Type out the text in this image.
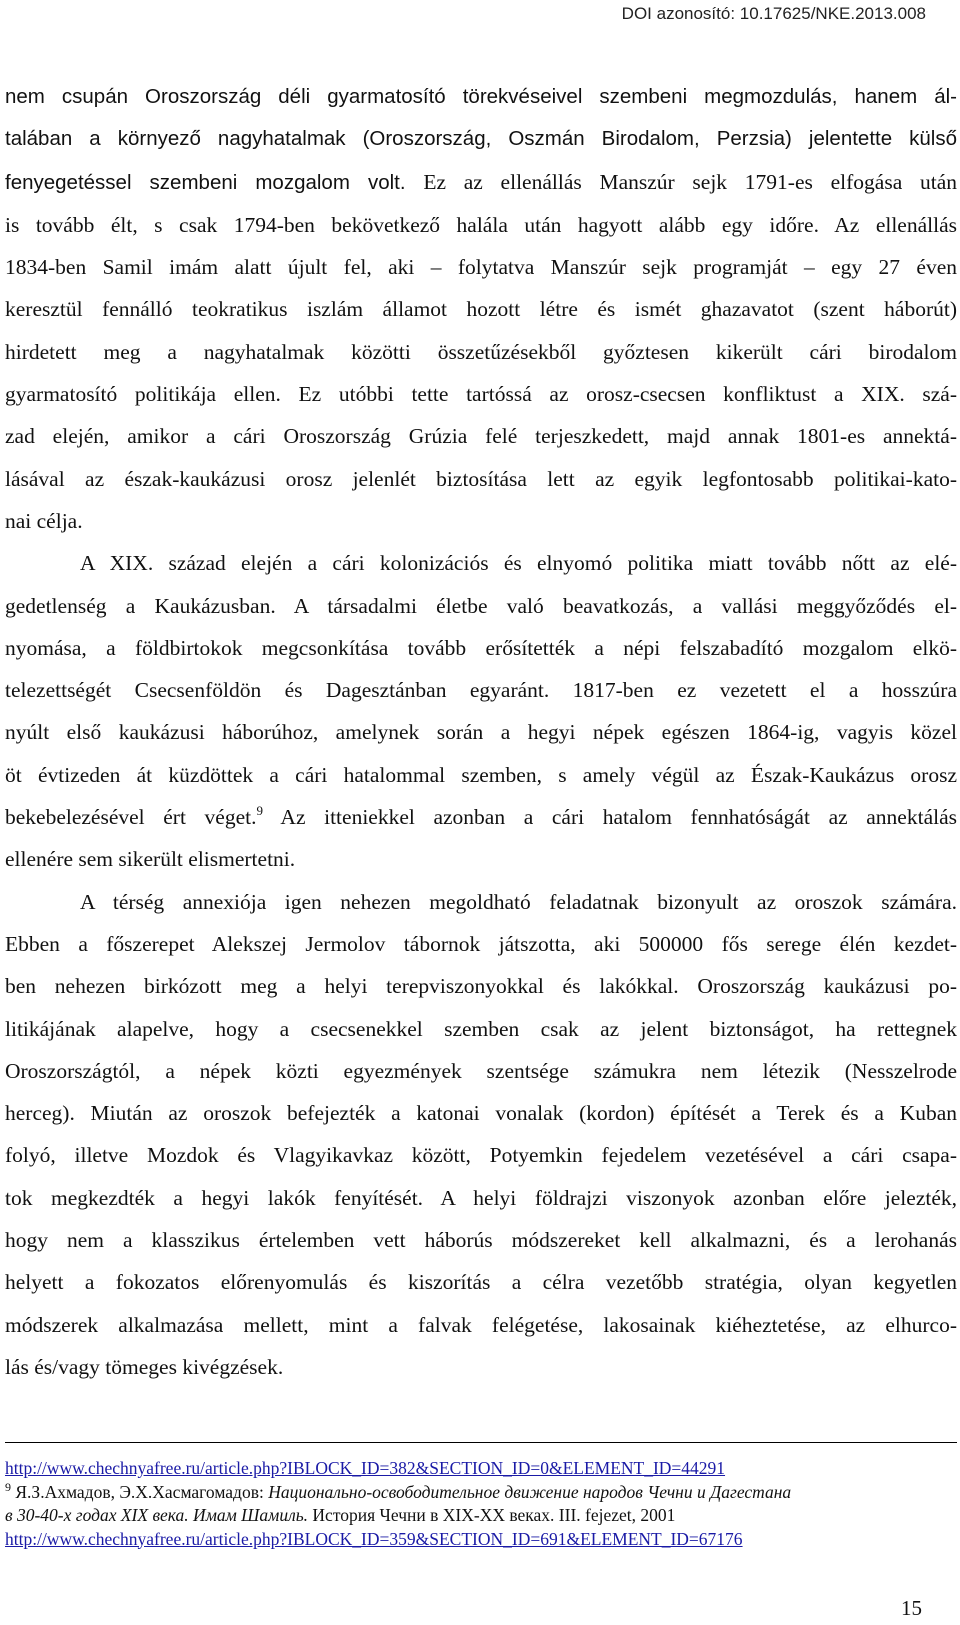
DOI azonosító: 10.17625/NKE.2013.008

nem csupán Oroszország déli gyarmatosító törekvéseivel szembeni megmozdulás, hanem ál-
talában a környező nagyhatalmak (Oroszország, Oszmán Birodalom, Perzsia) jelentette külső
fenyegetéssel szembeni mozgalom volt. Ez az ellenállás Manszúr sejk 1791-es elfogása után
is tovább élt, s csak 1794-ben bekövetkező halála után hagyott alább egy időre. Az ellenállás
1834-ben Samil imám alatt újult fel, aki – folytatva Manszúr sejk programját – egy 27 éven
keresztül fennálló teokratikus iszlám államot hozott létre és ismét ghazavatot (szent háborút)
hirdetett meg a nagyhatalmak közötti összetűzésekből győztesen kikerült cári birodalom
gyarmatosító politikája ellen. Ez utóbbi tette tartóssá az orosz-csecsen konfliktust a XIX. szá-
zad elején, amikor a cári Oroszország Grúzia felé terjeszkedett, majd annak 1801-es annektá-
lásával az észak-kaukázusi orosz jelenlét biztosítása lett az egyik legfontosabb politikai-kato-
nai célja.

A XIX. század elején a cári kolonizációs és elnyomó politika miatt tovább nőtt az elé-
gedetlenség a Kaukázusban. A társadalmi életbe való beavatkozás, a vallási meggyőződés el-
nyomása, a földbirtokok megcsonkítása tovább erősítették a népi felszabadító mozgalom elkö-
telezettségét Csecsenföldön és Dagesztánban egyaránt. 1817-ben ez vezetett el a hosszúra
nyúlt első kaukázusi háborúhoz, amelynek során a hegyi népek egészen 1864-ig, vagyis közel
öt évtizeden át küzdöttek a cári hatalommal szemben, s amely végül az Észak-Kaukázus orosz
bekebelezésével ért véget.$^9$ Az itteniekkel azonban a cári hatalom fennhatóságát az annektálás
ellenére sem sikerült elismertetni.

A térség annexiója igen nehezen megoldható feladatnak bizonyult az oroszok számára.
Ebben a főszerepet Alekszej Jermolov tábornok játszotta, aki 500000 fős serege élén kezdet-
ben nehezen birkózott meg a helyi terepviszonyokkal és lakókkal. Oroszország kaukázusi po-
litikájának alapelve, hogy a csecsenekkel szemben csak az jelent biztonságot, ha rettegnek
Oroszországtól, a népek közti egyezmények szentsége számukra nem létezik (Nesszelrode
herceg). Miután az oroszok befejezték a katonai vonalak (kordon) építését a Terek és a Kuban
folyó, illetve Mozdok és Vlagyikavkaz között, Potyemkin fejedelem vezetésével a cári csapa-
tok megkezdték a hegyi lakók fenyítését. A helyi földrajzi viszonyok azonban előre jelezték,
hogy nem a klasszikus értelemben vett háborús módszereket kell alkalmazni, és a lerohanás
helyett a fokozatos előrenyomulás és kiszorítás a célra vezetőbb stratégia, olyan kegyetlen
módszerek alkalmazása mellett, mint a falvak felégetése, lakosainak kiéheztetése, az elhurco-
lás és/vagy tömeges kivégzések.

http://www.chechnyafree.ru/article.php?IBLOCK_ID=382&SECTION_ID=0&ELEMENT_ID=44291
$^9$ Я.З.Ахмадов, Э.Х.Хасмагомадов: Национально-освободительное движение народов Чечни и Дагестана
в 30-40-х годах XIX века. Имам Шамиль. История Чечни в XIX-XX веках. III. fejezet, 2001
http://www.chechnyafree.ru/article.php?IBLOCK_ID=359&SECTION_ID=691&ELEMENT_ID=67176
15
